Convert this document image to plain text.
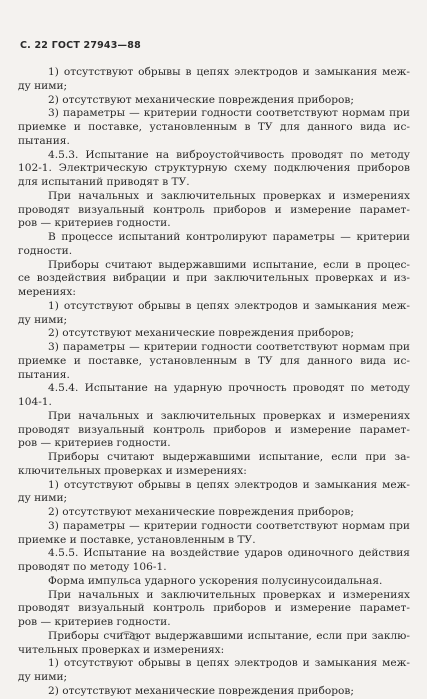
С. 22 ГОСТ 27943—88
1) отсутствуют обрывы в цепях электродов и замыкания меж-
ду ними;
2) отсутствуют механические повреждения приборов;
3) параметры — критерии годности соответствуют нормам при
приемке и поставке, установленным в ТУ для данного вида ис-
пытания.
4.5.3. Испытание на виброустойчивость проводят по методу
102-1. Электрическую структурную схему подключения приборов
для испытаний приводят в ТУ.
При начальных и заключительных проверках и измерениях
проводят визуальный контроль приборов и измерение парамет-
ров — критериев годности.
В процессе испытаний контролируют параметры — критерии
годности.
Приборы считают выдержавшими испытание, если в процес-
се воздействия вибрации и при заключительных проверках и из-
мерениях:
1) отсутствуют обрывы в цепях электродов и замыкания меж-
ду ними;
2) отсутствуют механические повреждения приборов;
3) параметры — критерии годности соответствуют нормам при
приемке и поставке, установленным в ТУ для данного вида ис-
пытания.
4.5.4. Испытание на ударную прочность проводят по методу
104-1.
При начальных и заключительных проверках и измерениях
проводят визуальный контроль приборов и измерение парамет-
ров — критериев годности.
Приборы считают выдержавшими испытание, если при за-
ключительных проверках и измерениях:
1) отсутствуют обрывы в цепях электродов и замыкания меж-
ду ними;
2) отсутствуют механические повреждения приборов;
3) параметры — критерии годности соответствуют нормам при
приемке и поставке, установленным в ТУ.
4.5.5. Испытание на воздействие ударов одиночного действия
проводят по методу 106-1.
Форма импульса ударного ускорения полусинусоидальная.
При начальных и заключительных проверках и измерениях
проводят визуальный контроль приборов и измерение парамет-
ров — критериев годности.
Приборы считают выдержавшими испытание, если при заклю-
чительных проверках и измерениях:
1) отсутствуют обрывы в цепях электродов и замыкания меж-
ду ними;
2) отсутствуют механические повреждения приборов;
